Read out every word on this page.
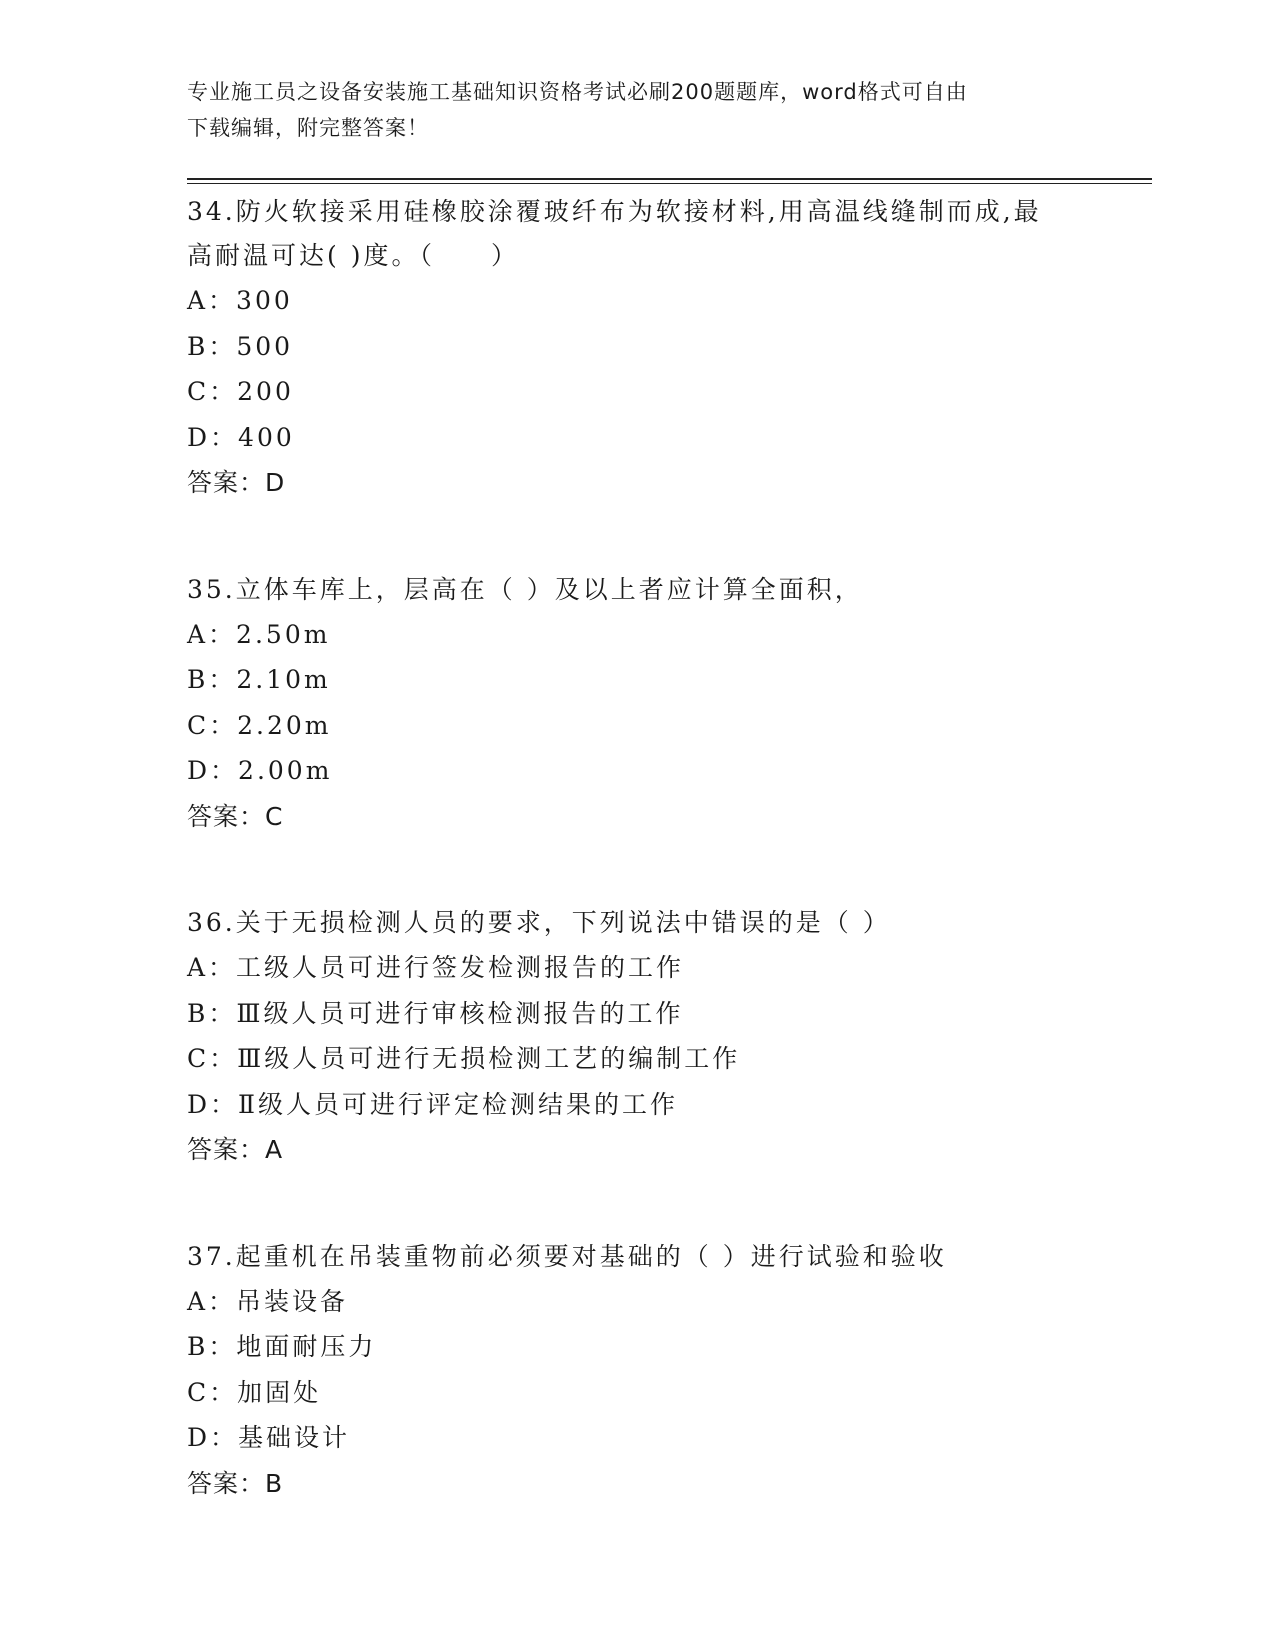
专业施工员之设备安装施工基础知识资格考试必刷200题题库，word格式可自由
下载编辑，附完整答案！

34.防火软接采用硅橡胶涂覆玻纤布为软接材料,用高温线缝制而成,最

高耐温可达( )度。（　　）

A：300

B：500

C：200

D：400

答案：D

35.立体车库上，层高在（ ）及以上者应计算全面积，

A：2.50m

B：2.10m

C：2.20m

D：2.00m

答案：C

36.关于无损检测人员的要求，下列说法中错误的是（ ）

A：工级人员可进行签发检测报告的工作

B：Ⅲ级人员可进行审核检测报告的工作

C：Ⅲ级人员可进行无损检测工艺的编制工作

D：Ⅱ级人员可进行评定检测结果的工作

答案：A

37.起重机在吊装重物前必须要对基础的（ ）进行试验和验收

A：吊装设备

B：地面耐压力

C：加固处

D：基础设计

答案：B
